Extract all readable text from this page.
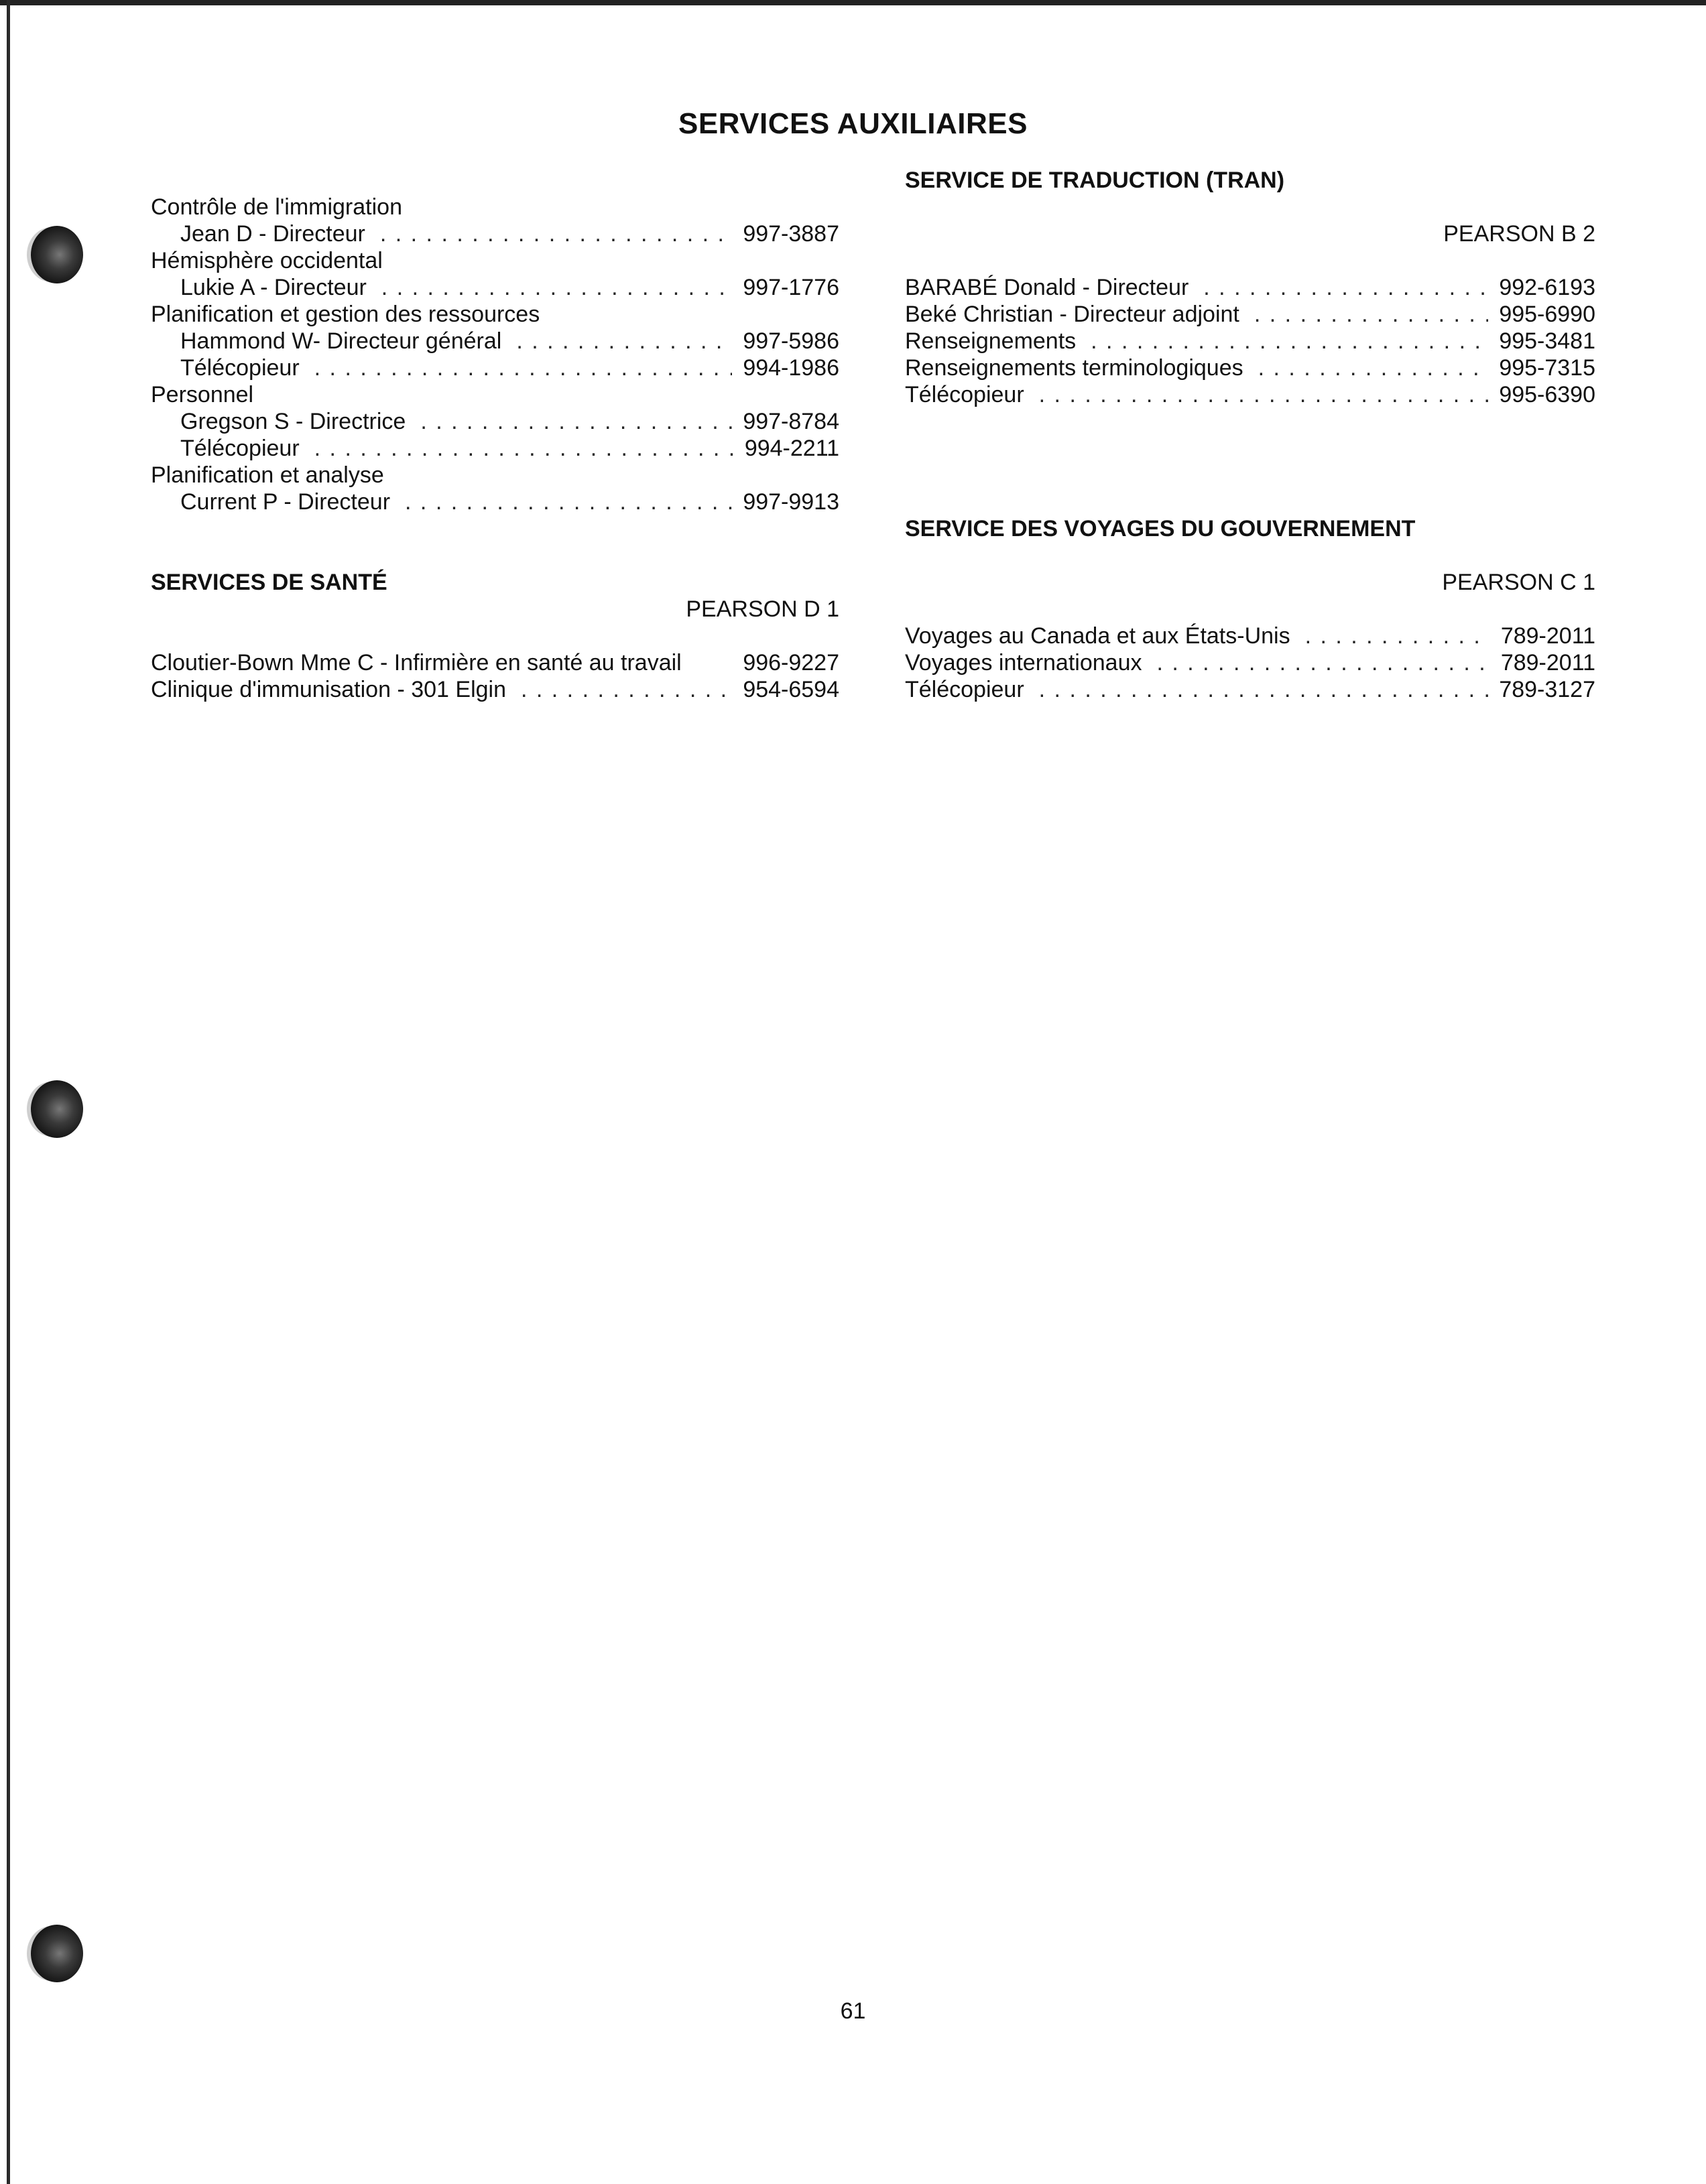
SERVICES AUXILIAIRES
Contrôle de l'immigration
Jean D - Directeur . . .	997-3887
Hémisphère occidental
Lukie A - Directeur . . .	997-1776
Planification et gestion des ressources
Hammond W- Directeur général . . .	997-5986
Télécopieur . . .	994-1986
Personnel
Gregson S - Directrice . . .	997-8784
Télécopieur . . .	994-2211
Planification et analyse
Current P - Directeur . . .	997-9913
SERVICES DE SANTÉ
PEARSON D 1
Cloutier-Bown Mme C - Infirmière en santé au travail	996-9227
Clinique d'immunisation - 301 Elgin . . .	954-6594
SERVICE DE TRADUCTION (TRAN)
PEARSON B 2
BARABÉ Donald - Directeur . . .	992-6193
Beké Christian - Directeur adjoint . . .	995-6990
Renseignements . . .	995-3481
Renseignements terminologiques . . .	995-7315
Télécopieur . . .	995-6390
SERVICE DES VOYAGES DU GOUVERNEMENT
PEARSON C 1
Voyages au Canada et aux États-Unis . . .	789-2011
Voyages internationaux . . .	789-2011
Télécopieur . . .	789-3127
61
